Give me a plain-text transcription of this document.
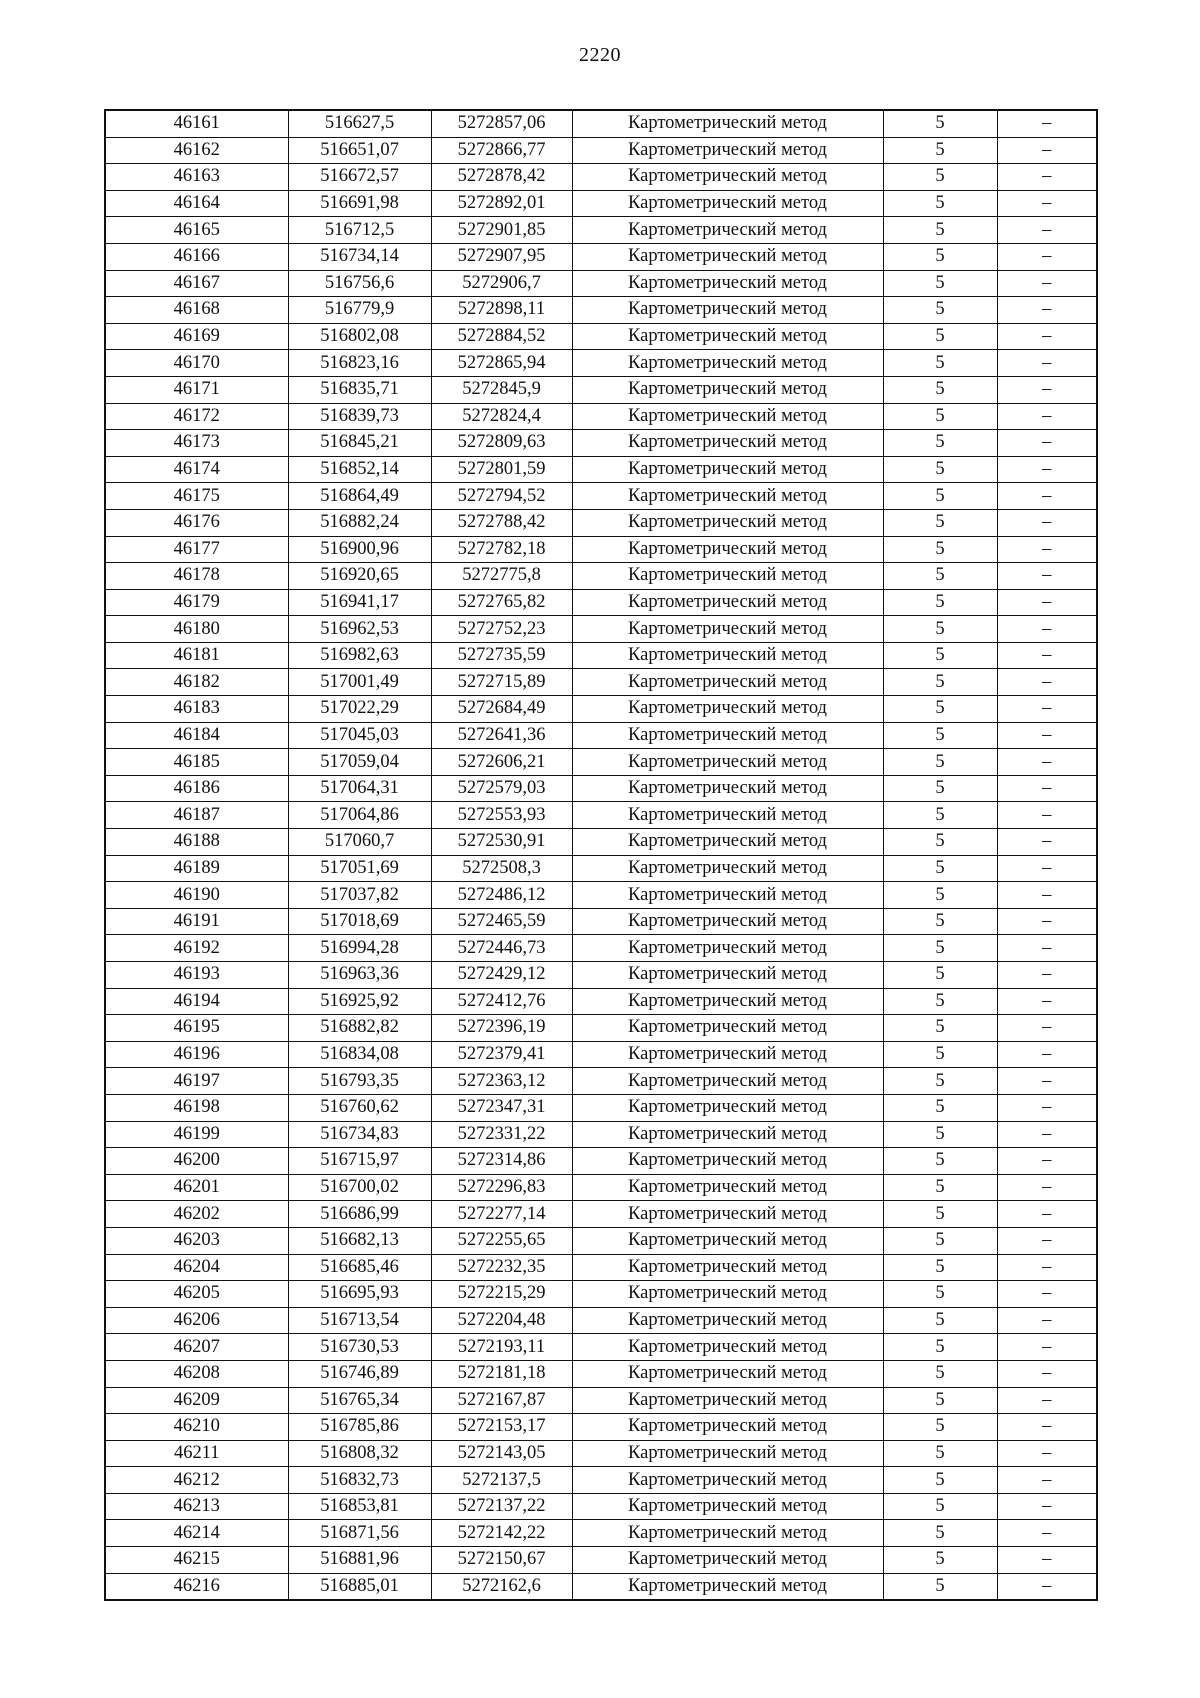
2220
46161	516627,5	5272857,06	Картометрический метод	5	–
46162	516651,07	5272866,77	Картометрический метод	5	–
46163	516672,57	5272878,42	Картометрический метод	5	–
46164	516691,98	5272892,01	Картометрический метод	5	–
46165	516712,5	5272901,85	Картометрический метод	5	–
46166	516734,14	5272907,95	Картометрический метод	5	–
46167	516756,6	5272906,7	Картометрический метод	5	–
46168	516779,9	5272898,11	Картометрический метод	5	–
46169	516802,08	5272884,52	Картометрический метод	5	–
46170	516823,16	5272865,94	Картометрический метод	5	–
46171	516835,71	5272845,9	Картометрический метод	5	–
46172	516839,73	5272824,4	Картометрический метод	5	–
46173	516845,21	5272809,63	Картометрический метод	5	–
46174	516852,14	5272801,59	Картометрический метод	5	–
46175	516864,49	5272794,52	Картометрический метод	5	–
46176	516882,24	5272788,42	Картометрический метод	5	–
46177	516900,96	5272782,18	Картометрический метод	5	–
46178	516920,65	5272775,8	Картометрический метод	5	–
46179	516941,17	5272765,82	Картометрический метод	5	–
46180	516962,53	5272752,23	Картометрический метод	5	–
46181	516982,63	5272735,59	Картометрический метод	5	–
46182	517001,49	5272715,89	Картометрический метод	5	–
46183	517022,29	5272684,49	Картометрический метод	5	–
46184	517045,03	5272641,36	Картометрический метод	5	–
46185	517059,04	5272606,21	Картометрический метод	5	–
46186	517064,31	5272579,03	Картометрический метод	5	–
46187	517064,86	5272553,93	Картометрический метод	5	–
46188	517060,7	5272530,91	Картометрический метод	5	–
46189	517051,69	5272508,3	Картометрический метод	5	–
46190	517037,82	5272486,12	Картометрический метод	5	–
46191	517018,69	5272465,59	Картометрический метод	5	–
46192	516994,28	5272446,73	Картометрический метод	5	–
46193	516963,36	5272429,12	Картометрический метод	5	–
46194	516925,92	5272412,76	Картометрический метод	5	–
46195	516882,82	5272396,19	Картометрический метод	5	–
46196	516834,08	5272379,41	Картометрический метод	5	–
46197	516793,35	5272363,12	Картометрический метод	5	–
46198	516760,62	5272347,31	Картометрический метод	5	–
46199	516734,83	5272331,22	Картометрический метод	5	–
46200	516715,97	5272314,86	Картометрический метод	5	–
46201	516700,02	5272296,83	Картометрический метод	5	–
46202	516686,99	5272277,14	Картометрический метод	5	–
46203	516682,13	5272255,65	Картометрический метод	5	–
46204	516685,46	5272232,35	Картометрический метод	5	–
46205	516695,93	5272215,29	Картометрический метод	5	–
46206	516713,54	5272204,48	Картометрический метод	5	–
46207	516730,53	5272193,11	Картометрический метод	5	–
46208	516746,89	5272181,18	Картометрический метод	5	–
46209	516765,34	5272167,87	Картометрический метод	5	–
46210	516785,86	5272153,17	Картометрический метод	5	–
46211	516808,32	5272143,05	Картометрический метод	5	–
46212	516832,73	5272137,5	Картометрический метод	5	–
46213	516853,81	5272137,22	Картометрический метод	5	–
46214	516871,56	5272142,22	Картометрический метод	5	–
46215	516881,96	5272150,67	Картометрический метод	5	–
46216	516885,01	5272162,6	Картометрический метод	5	–
